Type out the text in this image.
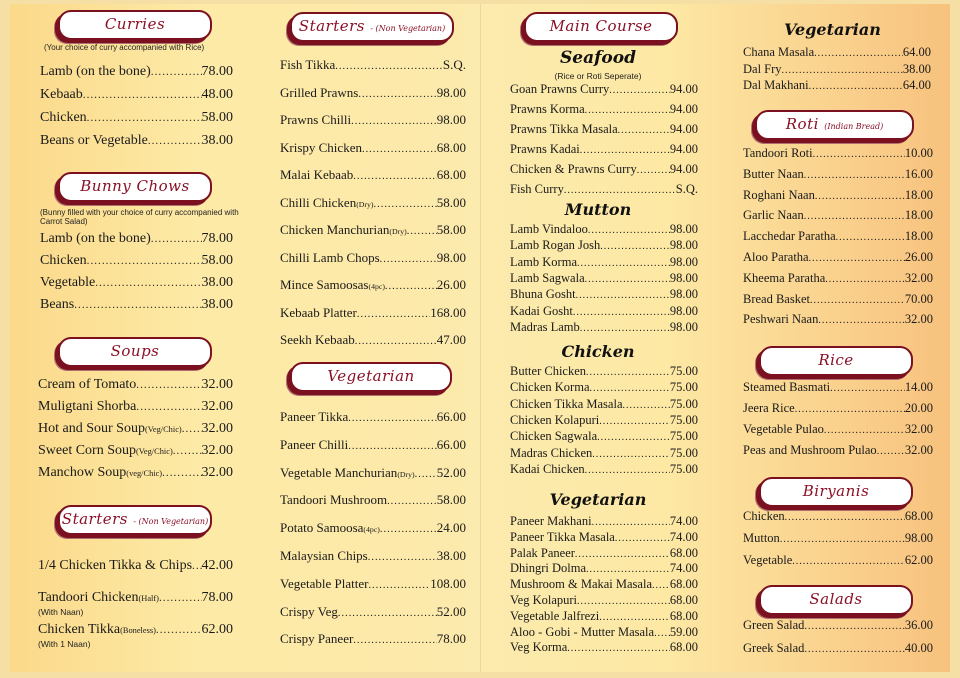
Curries
(Your choice of curry accompanied with Rice)
Lamb (on the bone) .....	78.00
Kebaab .....	48.00
Chicken .....	58.00
Beans or Vegetable .....	38.00
Bunny Chows
(Bunny filled with your choice of curry accompanied with Carrot Salad)
Lamb (on the bone) .....	78.00
Chicken .....	58.00
Vegetable .....	38.00
Beans .....	38.00
Soups
Cream of Tomato .....	32.00
Muligtani Shorba .....	32.00
Hot and Sour Soup (Veg/Chic) ..... 32.00
Sweet Corn Soup (Veg/Chic) ..... 32.00
Manchow Soup (veg/Chic) .....	32.00
Starters - (Non Vegetarian)
1/4 Chicken Tikka & Chips ..... 42.00
Tandoori Chicken (Half) .....	78.00
(With Naan)
Chicken Tikka (Boneless) .....	62.00
(With 1 Naan)
Starters - (Non Vegetarian)
Fish Tikka .....	S.Q.
Grilled Prawns .....	98.00
Prawns Chilli .....	98.00
Krispy Chicken .....	68.00
Malai Kebaab .....	68.00
Chilli Chicken (Dry) .....	58.00
Chicken Manchurian (Dry) ..... 58.00
Chilli Lamb Chops .....	98.00
Mince Samoosas (4pc) .....	26.00
Kebaab Platter .....	168.00
Seekh Kebaab .....	47.00
Vegetarian
Paneer Tikka .....	66.00
Paneer Chilli .....	66.00
Vegetable Manchurian (Dry) ..... 52.00
Tandoori Mushroom .....	58.00
Potato Samoosa (4pc) .....	24.00
Malaysian Chips .....	38.00
Vegetable Platter .....	108.00
Crispy Veg .....	52.00
Crispy Paneer .....	78.00
Main Course
Seafood
(Rice or Roti Seperate)
Goan Prawns Curry .....	94.00
Prawns Korma .....	94.00
Prawns Tikka Masala .....	94.00
Prawns Kadai .....	94.00
Chicken & Prawns Curry .....	94.00
Fish Curry .....	S.Q.
Mutton
Lamb Vindaloo .....	98.00
Lamb Rogan Josh .....	98.00
Lamb Korma .....	98.00
Lamb Sagwala .....	98.00
Bhuna Gosht .....	98.00
Kadai Gosht .....	98.00
Madras Lamb .....	98.00
Chicken
Butter Chicken .....	75.00
Chicken Korma .....	75.00
Chicken Tikka Masala .....	75.00
Chicken Kolapuri .....	75.00
Chicken Sagwala .....	75.00
Madras Chicken .....	75.00
Kadai Chicken .....	75.00
Vegetarian
Paneer Makhani .....	74.00
Paneer Tikka Masala .....	74.00
Palak Paneer .....	68.00
Dhingri Dolma .....	74.00
Mushroom & Makai Masala ..... 68.00
Veg Kolapuri .....	68.00
Vegetable Jalfrezi .....	68.00
Aloo - Gobi - Mutter Masala ..... 59.00
Veg Korma .....	68.00
Vegetarian
Chana Masala .....	64.00
Dal Fry .....	38.00
Dal Makhani .....	64.00
Roti (Indian Bread)
Tandoori Roti .....	10.00
Butter Naan .....	16.00
Roghani Naan .....	18.00
Garlic Naan .....	18.00
Lacchedar Paratha .....	18.00
Aloo Paratha .....	26.00
Kheema Paratha .....	32.00
Bread Basket .....	70.00
Peshwari Naan .....	32.00
Rice
Steamed Basmati .....	14.00
Jeera Rice .....	20.00
Vegetable Pulao .....	32.00
Peas and Mushroom Pulao ..... 32.00
Biryanis
Chicken .....	68.00
Mutton .....	98.00
Vegetable .....	62.00
Salads
Green Salad .....	36.00
Greek Salad .....	40.00
